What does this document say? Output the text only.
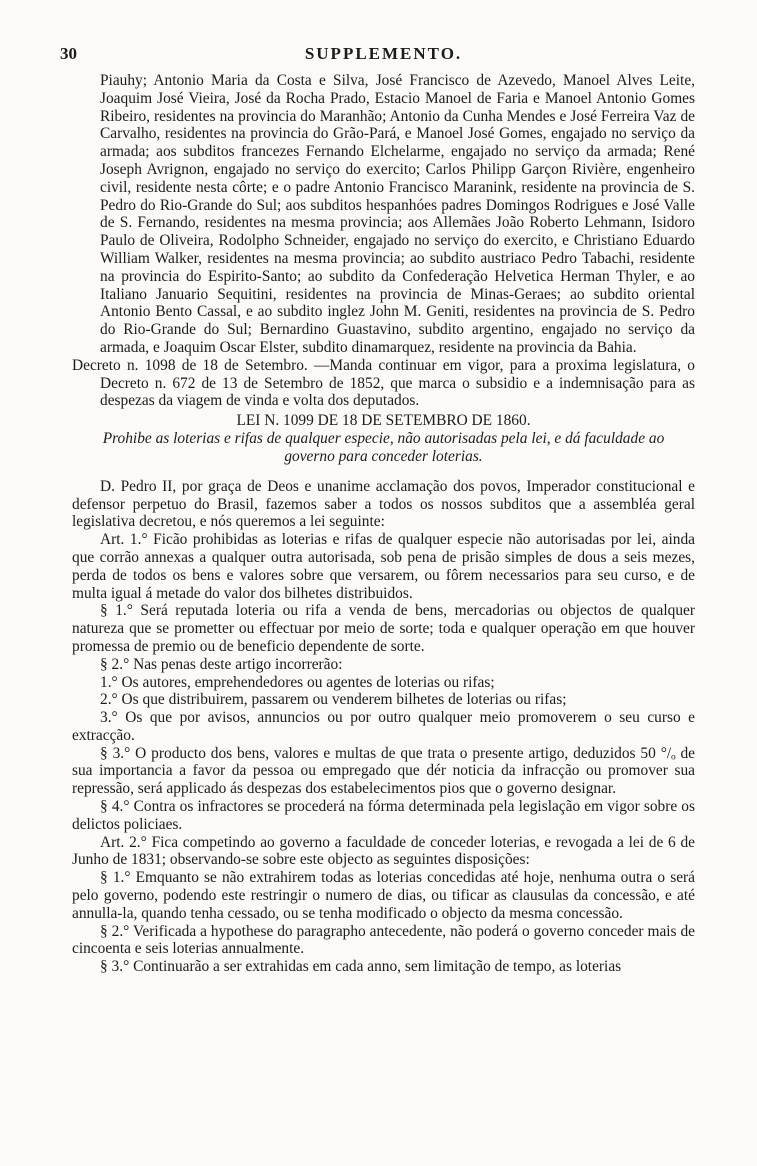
30	SUPPLEMENTO.

Piauhy; Antonio Maria da Costa e Silva, José Francisco de Azevedo, Manoel Alves Leite, Joaquim José Vieira, José da Rocha Prado, Estacio Manoel de Faria e Manoel Antonio Gomes Ribeiro, residentes na provincia do Maranhão; Antonio da Cunha Mendes e José Ferreira Vaz de Carvalho, residentes na provincia do Grão-Pará, e Manoel José Gomes, engajado no serviço da armada; aos subditos francezes Fernando Elchelarme, engajado no serviço da armada; René Joseph Avrignon, engajado no serviço do exercito; Carlos Philipp Garçon Rivière, engenheiro civil, residente nesta côrte; e o padre Antonio Francisco Maranink, residente na provincia de S. Pedro do Rio-Grande do Sul; aos subditos hespanhóes padres Domingos Rodrigues e José Valle de S. Fernando, residentes na mesma provincia; aos Allemães João Roberto Lehmann, Isidoro Paulo de Oliveira, Rodolpho Schneider, engajado no serviço do exercito, e Christiano Eduardo William Walker, residentes na mesma provincia; ao subdito austriaco Pedro Tabachi, residente na provincia do Espirito-Santo; ao subdito da Confederação Helvetica Herman Thyler, e ao Italiano Januario Sequitini, residentes na provincia de Minas-Geraes; ao subdito oriental Antonio Bento Cassal, e ao subdito inglez John M. Geniti, residentes na provincia de S. Pedro do Rio-Grande do Sul; Bernardino Guastavino, subdito argentino, engajado no serviço da armada, e Joaquim Oscar Elster, subdito dinamarquez, residente na provincia da Bahia.

Decreto n. 1098 de 18 de Setembro. —Manda continuar em vigor, para a proxima legislatura, o Decreto n. 672 de 13 de Setembro de 1852, que marca o subsidio e a indemnisação para as despezas da viagem de vinda e volta dos deputados.

LEI N. 1099 DE 18 DE SETEMBRO DE 1860.
Prohibe as loterias e rifas de qualquer especie, não autorisadas pela lei, e dá faculdade ao governo para conceder loterias.

D. Pedro II, por graça de Deos e unanime acclamação dos povos, Imperador constitucional e defensor perpetuo do Brasil, fazemos saber a todos os nossos subditos que a assembléa geral legislativa decretou, e nós queremos a lei seguinte:

Art. 1.° Ficão prohibidas as loterias e rifas de qualquer especie não autorisadas por lei, ainda que corrão annexas a qualquer outra autorisada, sob pena de prisão simples de dous a seis mezes, perda de todos os bens e valores sobre que versarem, ou fôrem necessarios para seu curso, e de multa igual á metade do valor dos bilhetes distribuidos.

§ 1.° Será reputada loteria ou rifa a venda de bens, mercadorias ou objectos de qualquer natureza que se prometter ou effectuar por meio de sorte; toda e qualquer operação em que houver promessa de premio ou de beneficio dependente de sorte.

§ 2.° Nas penas deste artigo incorrerão:

1.° Os autores, emprehendedores ou agentes de loterias ou rifas;

2.° Os que distribuirem, passarem ou venderem bilhetes de loterias ou rifas;

3.° Os que por avisos, annuncios ou por outro qualquer meio promoverem o seu curso e extracção.

§ 3.° O producto dos bens, valores e multas de que trata o presente artigo, deduzidos 50 °/ₒ de sua importancia a favor da pessoa ou empregado que dér noticia da infracção ou promover sua repressão, será applicado ás despezas dos estabelecimentos pios que o governo designar.

§ 4.° Contra os infractores se procederá na fórma determinada pela legislação em vigor sobre os delictos policiaes.

Art. 2.° Fica competindo ao governo a faculdade de conceder loterias, e revogada a lei de 6 de Junho de 1831; observando-se sobre este objecto as seguintes disposições:

§ 1.° Emquanto se não extrahirem todas as loterias concedidas até hoje, nenhuma outra o será pelo governo, podendo este restringir o numero de dias, ou tificar as clausulas da concessão, e até annulla-la, quando tenha cessado, ou se tenha modificado o objecto da mesma concessão.

§ 2.° Verificada a hypothese do paragrapho antecedente, não poderá o governo conceder mais de cincoenta e seis loterias annualmente.

§ 3.° Continuarão a ser extrahidas em cada anno, sem limitação de tempo, as loterias
